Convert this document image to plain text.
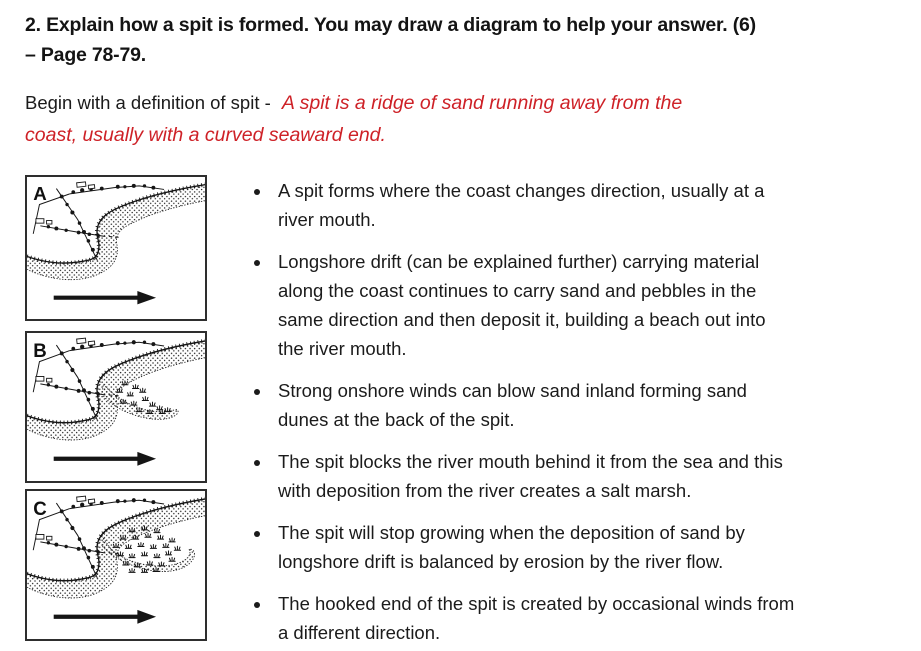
2. Explain how a spit is formed. You may draw a diagram to help your answer. (6)
– Page 78-79.

Begin with a definition of spit - A spit is a ridge of sand running away from the
coast, usually with a curved seaward end.

A
B
C
• A spit forms where the coast changes direction, usually at a
river mouth.
• Longshore drift (can be explained further) carrying material
along the coast continues to carry sand and pebbles in the
same direction and then deposit it, building a beach out into
the river mouth.
• Strong onshore winds can blow sand inland forming sand
dunes at the back of the spit.
• The spit blocks the river mouth behind it from the sea and this
with deposition from the river creates a salt marsh.
• The spit will stop growing when the deposition of sand by
longshore drift is balanced by erosion by the river flow.
• The hooked end of the spit is created by occasional winds from
a different direction.
